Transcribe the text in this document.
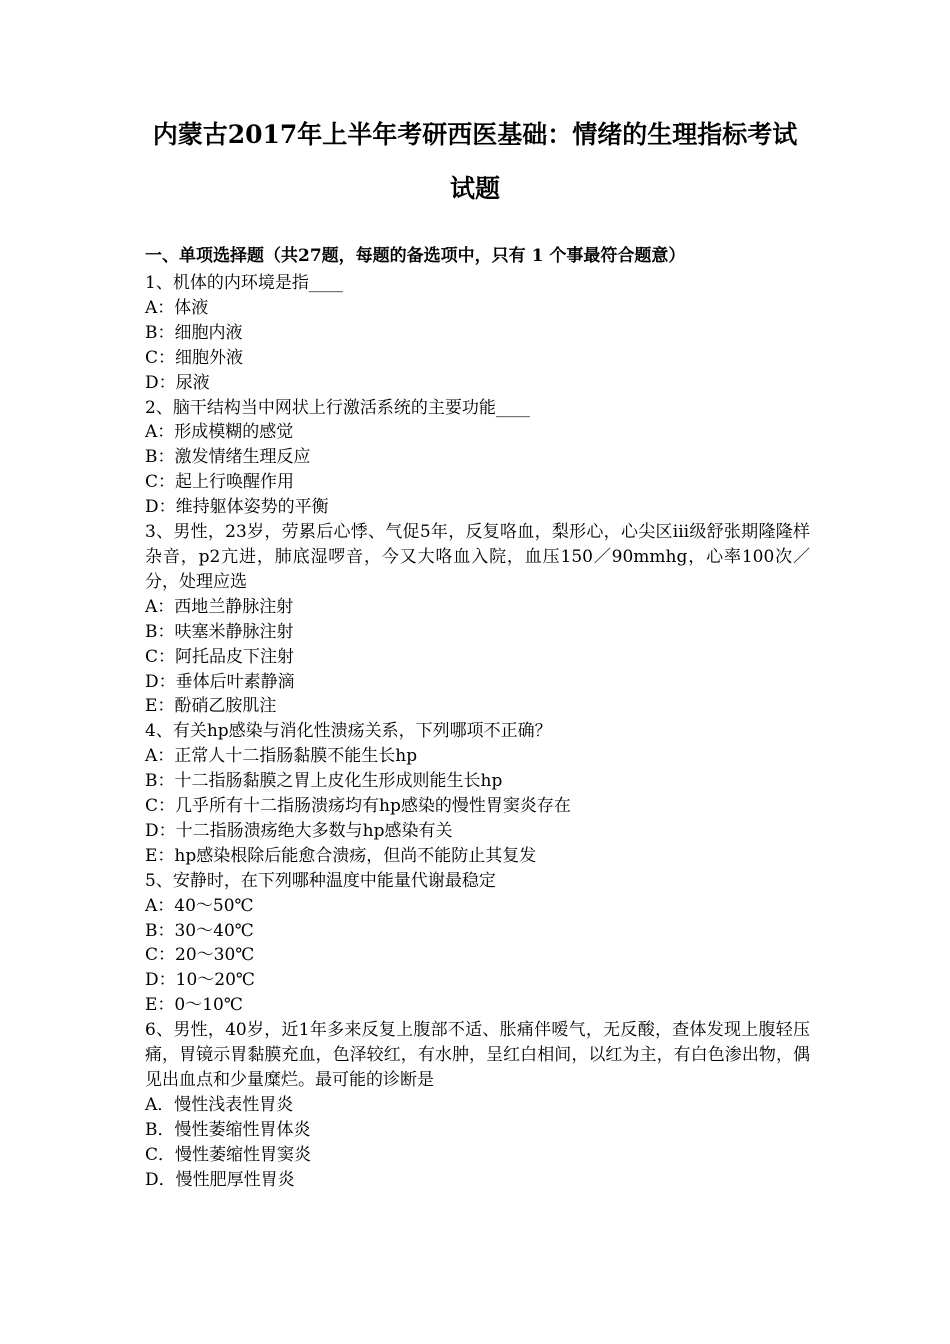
内蒙古2017年上半年考研西医基础：情绪的生理指标考试
试题
一、单项选择题（共27题，每题的备选项中，只有 1 个事最符合题意）
1、机体的内环境是指____
A：体液
B：细胞内液
C：细胞外液
D：尿液
2、脑干结构当中网状上行激活系统的主要功能____
A：形成模糊的感觉
B：激发情绪生理反应
C：起上行唤醒作用
D：维持躯体姿势的平衡
3、男性，23岁，劳累后心悸、气促5年，反复咯血，梨形心，心尖区iii级舒张期隆隆样杂音，p2亢进，肺底湿啰音，今又大咯血入院，血压150／90mmhg，心率100次／分，处理应选
A：西地兰静脉注射
B：呋塞米静脉注射
C：阿托品皮下注射
D：垂体后叶素静滴
E：酚硝乙胺肌注
4、有关hp感染与消化性溃疡关系，下列哪项不正确？
A：正常人十二指肠黏膜不能生长hp
B：十二指肠黏膜之胃上皮化生形成则能生长hp
C：几乎所有十二指肠溃疡均有hp感染的慢性胃窦炎存在
D：十二指肠溃疡绝大多数与hp感染有关
E：hp感染根除后能愈合溃疡，但尚不能防止其复发
5、安静时，在下列哪种温度中能量代谢最稳定
A：40～50℃
B：30～40℃
C：20～30℃
D：10～20℃
E：0～10℃
6、男性，40岁，近1年多来反复上腹部不适、胀痛伴嗳气，无反酸，查体发现上腹轻压痛，胃镜示胃黏膜充血，色泽较红，有水肿，呈红白相间，以红为主，有白色渗出物，偶见出血点和少量糜烂。最可能的诊断是
A．慢性浅表性胃炎
B．慢性萎缩性胃体炎
C．慢性萎缩性胃窦炎
D．慢性肥厚性胃炎
